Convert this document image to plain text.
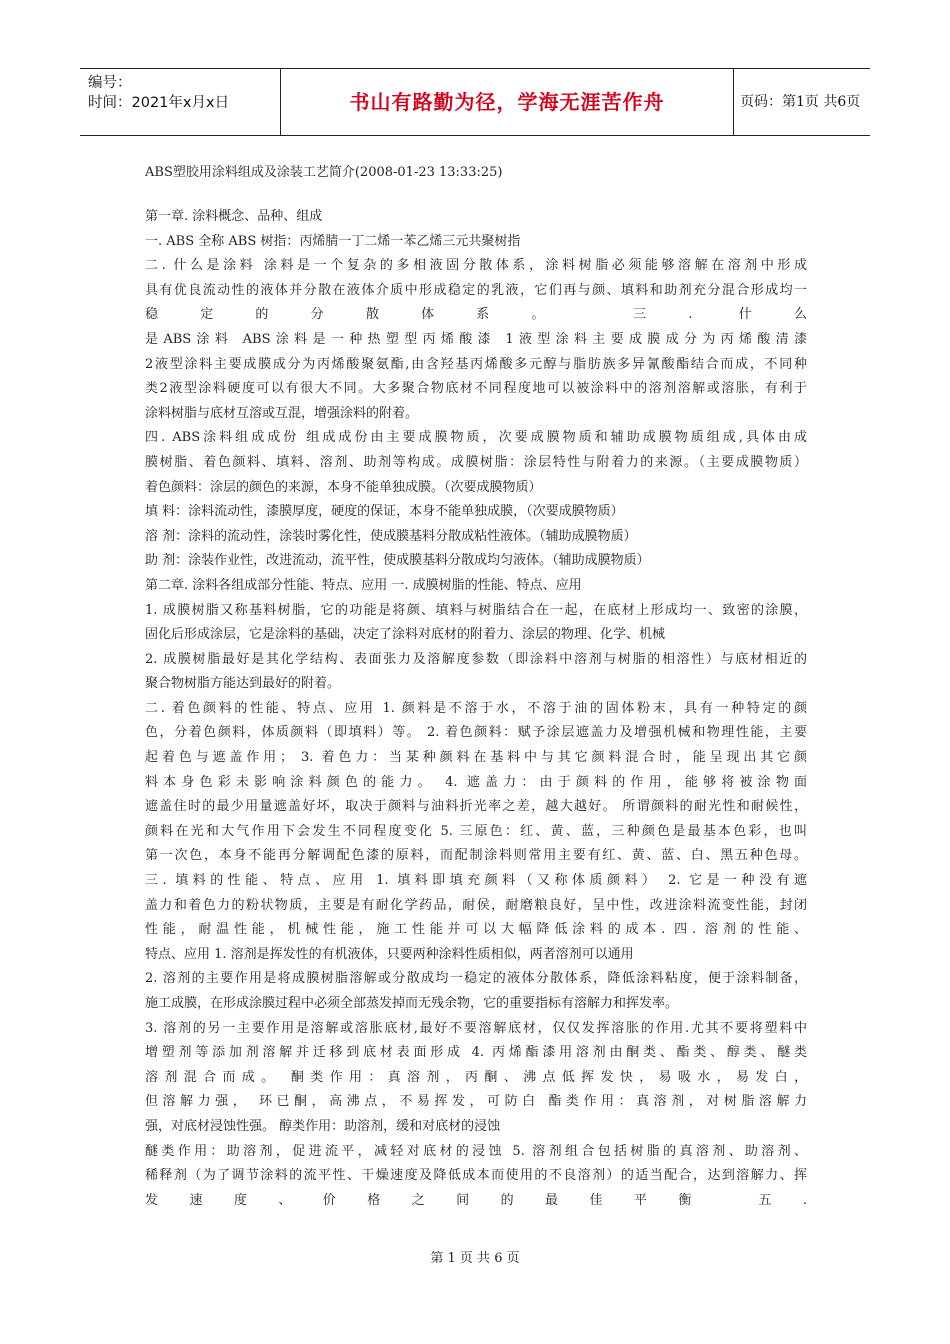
编号：
时间：2021年x月x日	书山有路勤为径，学海无涯苦作舟	页码：第1页 共6页
ABS塑胶用涂料组成及涂装工艺简介(2008-01-23 13:33:25)

第一章. 涂料概念、品种、组成

一. ABS 全称 ABS 树指：丙烯腈一丁二烯一苯乙烯三元共聚树指

二. 什么是涂料 涂料是一个复杂的多相液固分散体系，涂料树脂必须能够溶解在溶剂中形成

具有优良流动性的液体并分散在液体介质中形成稳定的乳液，它们再与颜、填料和助剂充分混合形成均一

稳定的分散体系。 三. 什么

是ABS涂料 ABS涂料是一种热塑型丙烯酸漆 1液型涂料主要成膜成分为丙烯酸清漆

2液型涂料主要成膜成分为丙烯酸聚氨酯,由含羟基丙烯酸多元醇与脂肪族多异氰酸酯结合而成，不同种

类2液型涂料硬度可以有很大不同。大多聚合物底材不同程度地可以被涂料中的溶剂溶解或溶胀，有利于

涂料树脂与底材互溶或互混，增强涂料的附着。

四. ABS涂料组成成份 组成成份由主要成膜物质，次要成膜物质和辅助成膜物质组成,具体由成

膜树脂、着色颜料、填料、溶剂、助剂等构成。成膜树脂：涂层特性与附着力的来源。（主要成膜物质）

着色颜料：涂层的颜色的来源，本身不能单独成膜。（次要成膜物质）

填 料：涂料流动性，漆膜厚度，硬度的保证，本身不能单独成膜，（次要成膜物质）

溶 剂：涂料的流动性，涂装时雾化性，使成膜基料分散成粘性液体。（辅助成膜物质）

助 剂：涂装作业性，改进流动，流平性，使成膜基料分散成均匀液体。（辅助成膜物质）

第二章. 涂料各组成部分性能、特点、应用 一. 成膜树脂的性能、特点、应用

1. 成膜树脂又称基料树脂，它的功能是将颜、填料与树脂结合在一起，在底材上形成均一、致密的涂膜，

固化后形成涂层，它是涂料的基础，决定了涂料对底材的附着力、涂层的物理、化学、机械

2. 成膜树脂最好是其化学结构、表面张力及溶解度参数（即涂料中溶剂与树脂的相溶性）与底材相近的

聚合物树脂方能达到最好的附着。

二. 着色颜料的性能、特点、应用 1. 颜料是不溶于水，不溶于油的固体粉末，具有一种特定的颜

色，分着色颜料，体质颜料（即填料）等。 2. 着色颜料：赋予涂层遮盖力及增强机械和物理性能，主要

起着色与遮盖作用； 3. 着色力：当某种颜料在基料中与其它颜料混合时，能呈现出其它颜

料本身色彩未影响涂料颜色的能力。 4. 遮盖力：由于颜料的作用，能够将被涂物面

遮盖住时的最少用量遮盖好坏，取决于颜料与油料折光率之差，越大越好。 所谓颜料的耐光性和耐候性，

颜料在光和大气作用下会发生不同程度变化 5. 三原色：红、黄、蓝，三种颜色是最基本色彩，也叫

第一次色，本身不能再分解调配色漆的原料，而配制涂料则常用主要有红、黄、蓝、白、黑五种色母。

三. 填料的性能、特点、应用 1. 填料即填充颜料（又称体质颜料） 2. 它是一种没有遮

盖力和着色力的粉状物质，主要是有耐化学药品，耐侯，耐磨粮良好，呈中性，改进涂料流变性能，封闭

性能，耐温性能，机械性能，施工性能并可以大幅降低涂料的成本. 四. 溶剂的性能、

特点、应用 1. 溶剂是挥发性的有机液体，只要两种涂料性质相似，两者溶剂可以通用

2. 溶剂的主要作用是将成膜树脂溶解或分散成均一稳定的液体分散体系，降低涂料粘度，便于涂料制备，

施工成膜，在形成涂膜过程中必须全部蒸发掉而无残余物，它的重要指标有溶解力和挥发率。

3. 溶剂的另一主要作用是溶解或溶胀底材,最好不要溶解底材，仅仅发挥溶胀的作用.尤其不要将塑料中

增塑剂等添加剂溶解并迁移到底材表面形成 4. 丙烯酯漆用溶剂由酮类、酯类、醇类、醚类

溶剂混合而成。 酮类作用：真溶剂，丙酮、沸点低挥发快，易吸水，易发白，

但溶解力强， 环已酮，高沸点，不易挥发，可防白 酯类作用：真溶剂，对树脂溶解力

强，对底材浸蚀性强。 醇类作用：助溶剂，缓和对底材的浸蚀

醚类作用：助溶剂，促进流平，减轻对底材的浸蚀 5. 溶剂组合包括树脂的真溶剂、助溶剂、

稀释剂（为了调节涂料的流平性、干燥速度及降低成本而使用的不良溶剂）的适当配合，达到溶解力、挥

发速度、价格之间的最佳平衡 五.

第 1 页 共 6 页
